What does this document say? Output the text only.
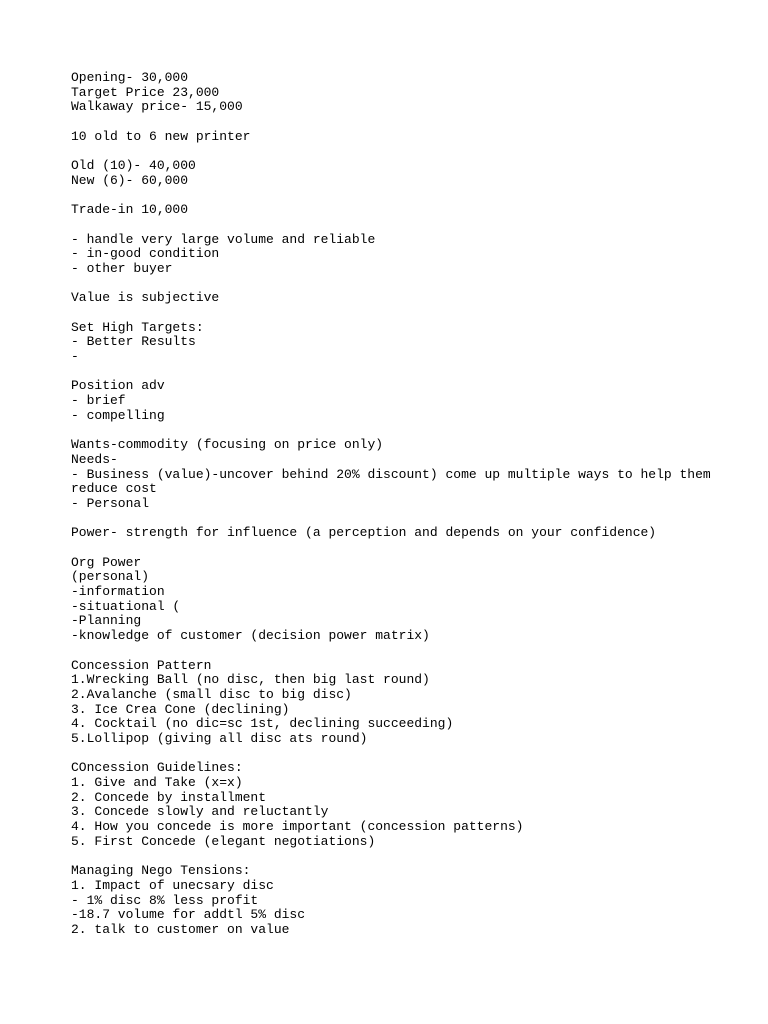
Opening- 30,000
Target Price 23,000
Walkaway price- 15,000
10 old to 6 new printer
Old (10)- 40,000
New (6)- 60,000
Trade-in 10,000
- handle very large volume and reliable
- in-good condition
- other buyer
Value is subjective
Set High Targets:
- Better Results
-
Position adv
- brief
- compelling
Wants-commodity (focusing on price only)
Needs-
- Business (value)-uncover behind 20% discount) come up multiple ways to help them
reduce cost
- Personal
Power- strength for influence (a perception and depends on your confidence)
Org Power
(personal)
-information
-situational (
-Planning
-knowledge of customer (decision power matrix)
Concession Pattern
1.Wrecking Ball (no disc, then big last round)
2.Avalanche (small disc to big disc)
3. Ice Crea Cone (declining)
4. Cocktail (no dic=sc 1st, declining succeeding)
5.Lollipop (giving all disc ats round)
COncession Guidelines:
1. Give and Take (x=x)
2. Concede by installment
3. Concede slowly and reluctantly
4. How you concede is more important (concession patterns)
5. First Concede (elegant negotiations)
Managing Nego Tensions:
1. Impact of unecsary disc
- 1% disc 8% less profit
-18.7 volume for addtl 5% disc
2. talk to customer on value
